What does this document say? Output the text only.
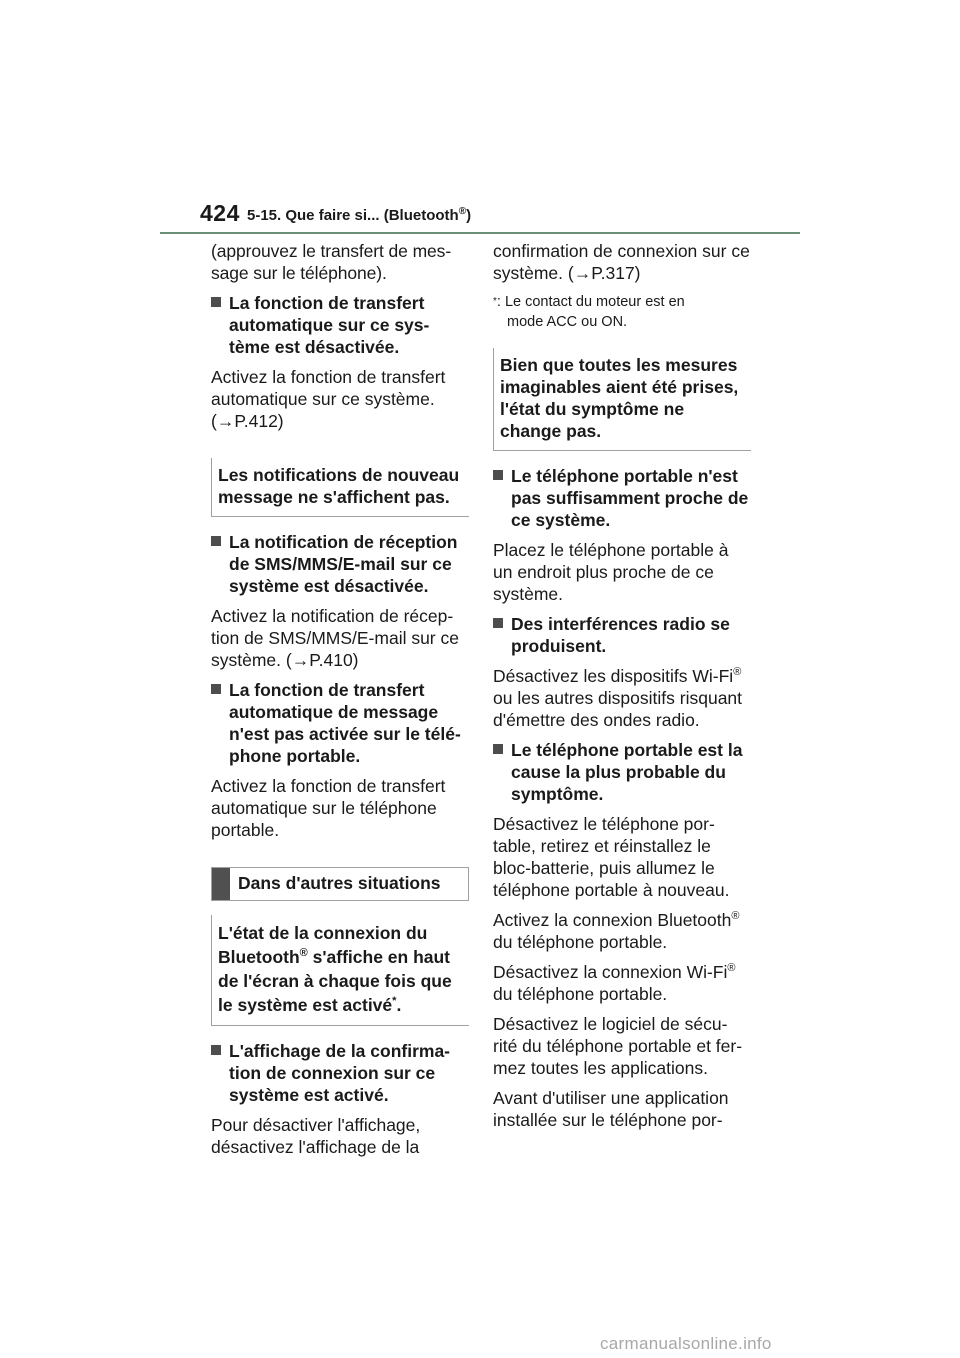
424 5-15. Que faire si... (Bluetooth®)

(approuvez le transfert de mes-sage sur le téléphone).

La fonction de transfert automatique sur ce sys-tème est désactivée.

Activez la fonction de transfert automatique sur ce système. (→P.412)

Les notifications de nouveau message ne s'affichent pas.
La notification de réception de SMS/MMS/E-mail sur ce système est désactivée.

Activez la notification de récep-tion de SMS/MMS/E-mail sur ce système. (→P.410)

La fonction de transfert automatique de message n'est pas activée sur le télé-phone portable.

Activez la fonction de transfert automatique sur le téléphone portable.

Dans d'autres situations
L'état de la connexion du Bluetooth® s'affiche en haut de l'écran à chaque fois que le système est activé*.
L'affichage de la confirma-tion de connexion sur ce système est activé.

Pour désactiver l'affichage, désactivez l'affichage de la

confirmation de connexion sur ce système. (→P.317)

*: Le contact du moteur est en
mode ACC ou ON.
Bien que toutes les mesures imaginables aient été prises, l'état du symptôme ne change pas.
Le téléphone portable n'est pas suffisamment proche de ce système.

Placez le téléphone portable à un endroit plus proche de ce système.

Des interférences radio se produisent.

Désactivez les dispositifs Wi-Fi® ou les autres dispositifs risquant d'émettre des ondes radio.

Le téléphone portable est la cause la plus probable du symptôme.

Désactivez le téléphone por-table, retirez et réinstallez le bloc-batterie, puis allumez le téléphone portable à nouveau.

Activez la connexion Bluetooth® du téléphone portable.

Désactivez la connexion Wi-Fi® du téléphone portable.

Désactivez le logiciel de sécu-rité du téléphone portable et fer-mez toutes les applications.

Avant d'utiliser une application installée sur le téléphone por-

carmanualsonline.info
